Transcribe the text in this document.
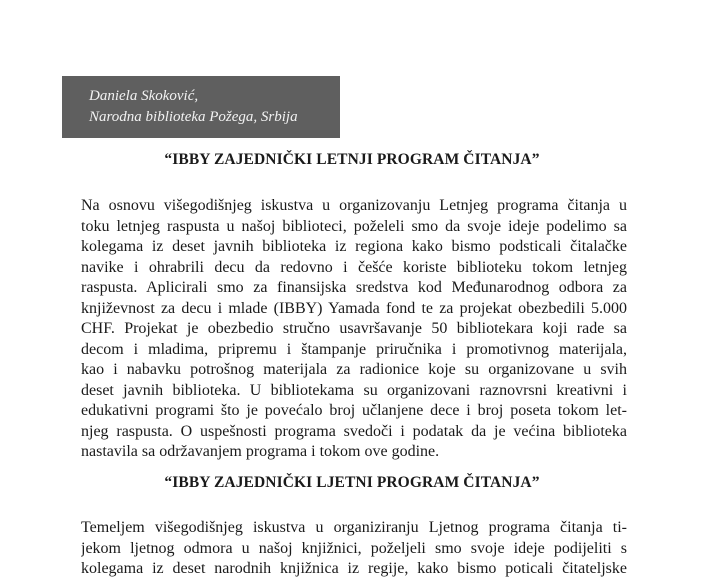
Daniela Skoković,
Narodna biblioteka Požega, Srbija
“IBBY ZAJEDNIČKI LETNJI PROGRAM ČITANJA”
Na osnovu višegodišnjeg iskustva u organizovanju Letnjeg programa čitanja u
toku letnjeg raspusta u našoj biblioteci, poželeli smo da svoje ideje podelimo sa
kolegama iz deset javnih biblioteka iz regiona kako bismo podsticali čitalačke
navike i ohrabrili decu da redovno i češće koriste biblioteku tokom letnjeg
raspusta. Aplicirali smo za finansijska sredstva kod Međunarodnog odbora za
književnost za decu i mlade (IBBY) Yamada fond te za projekat obezbedili 5.000
CHF. Projekat je obezbedio stručno usavršavanje 50 bibliotekara koji rade sa
decom i mladima, pripremu i štampanje priručnika i promotivnog materijala,
kao i nabavku potrošnog materijala za radionice koje su organizovane u svih
deset javnih biblioteka. U bibliotekama su organizovani raznovrsni kreativni i
edukativni programi što je povećalo broj učlanjene dece i broj poseta tokom let-
njeg raspusta. O uspešnosti programa svedoči i podatak da je većina biblioteka
nastavila sa održavanjem programa i tokom ove godine.
“IBBY ZAJEDNIČKI LJETNI PROGRAM ČITANJA”
Temeljem višegodišnjeg iskustva u organiziranju Ljetnog programa čitanja ti-
jekom ljetnog odmora u našoj knjižnici, poželjeli smo svoje ideje podijeliti s
kolegama iz deset narodnih knjižnica iz regije, kako bismo poticali čitateljske
